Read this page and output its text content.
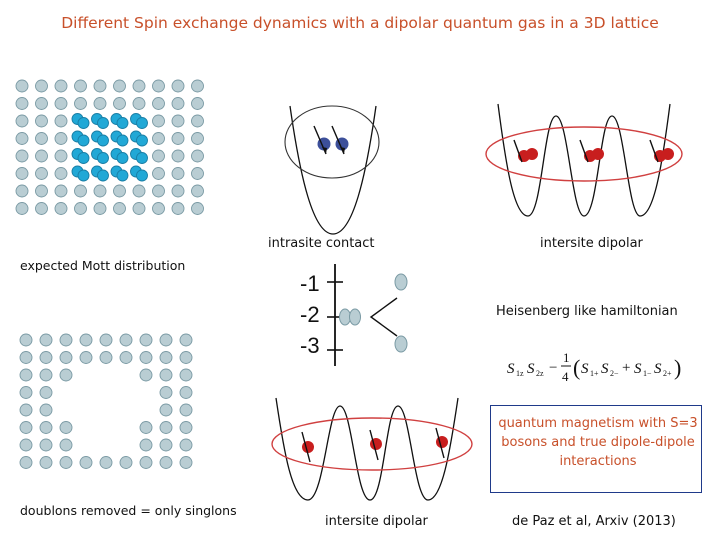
Different Spin exchange dynamics with a dipolar quantum gas in a 3D lattice
expected Mott distribution
doublons removed = only singlons
intrasite contact	intersite dipolar
-1
-2
-3
Heisenberg like hamiltonian
S 1z S 2z −
1
4 ( S 1+ S 2− + S 1− S 2+ )
intersite dipolar
quantum magnetism with S=3 bosons and true dipole-dipole interactions
de Paz et al, Arxiv (2013)
